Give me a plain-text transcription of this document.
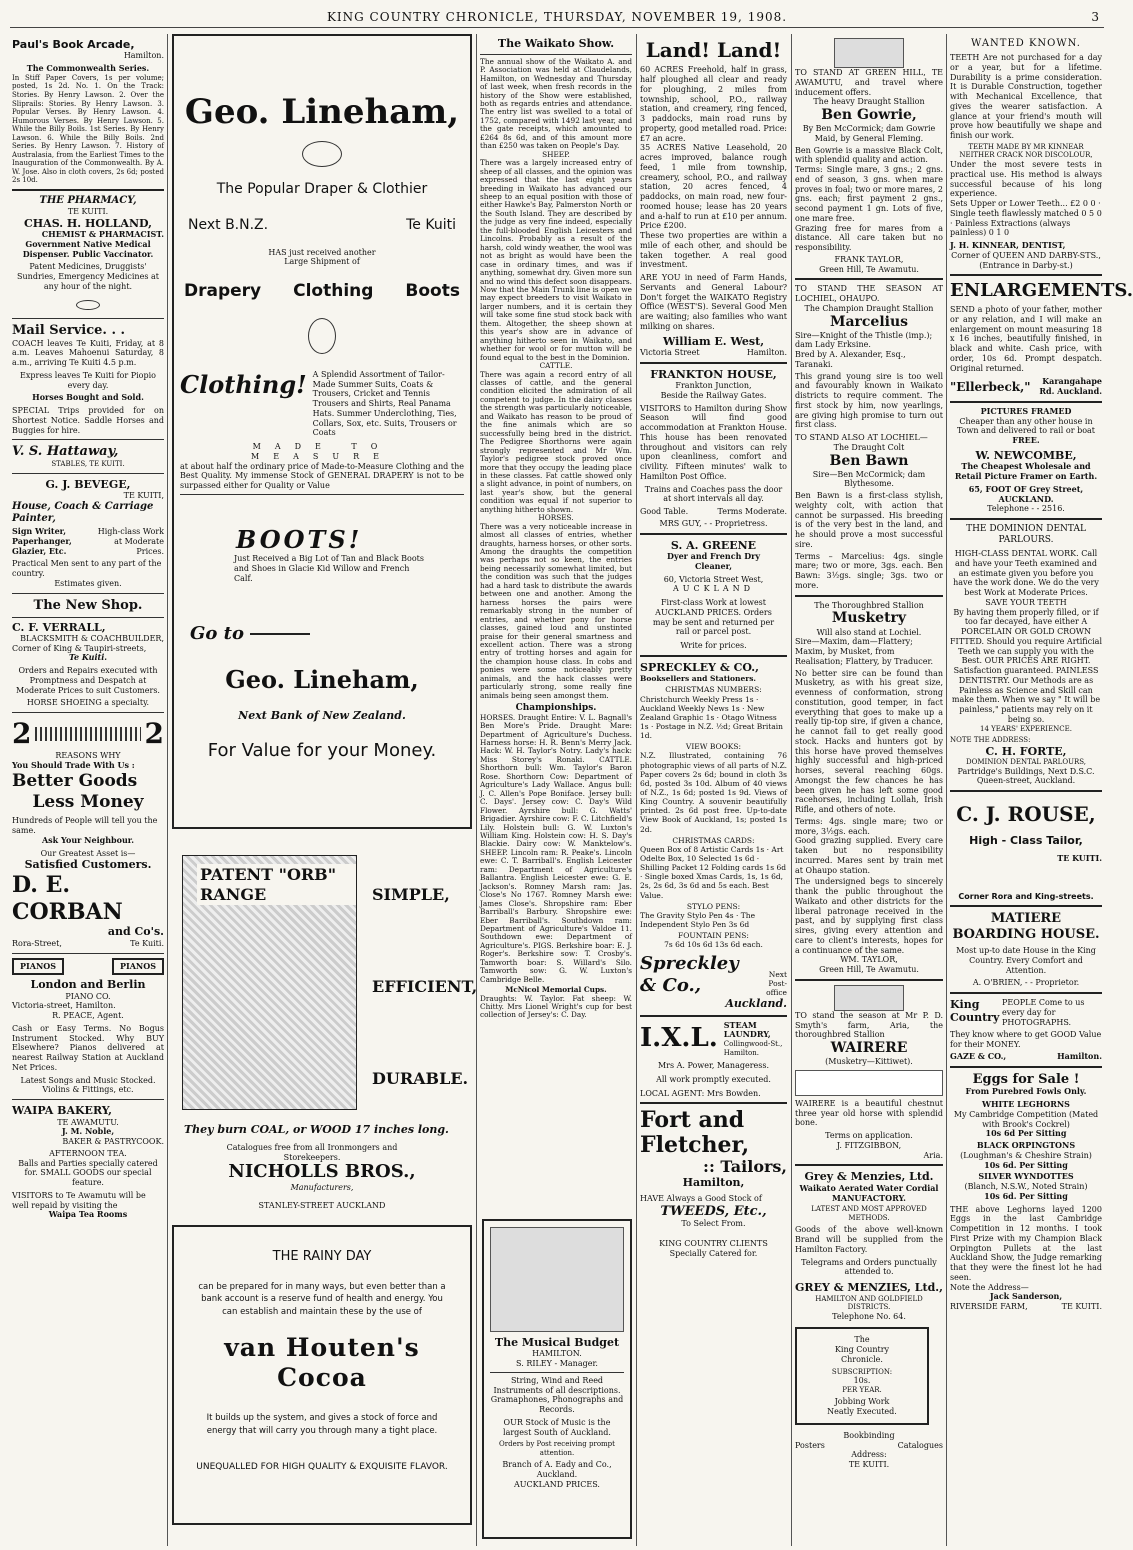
KING COUNTRY CHRONICLE, THURSDAY, NOVEMBER 19, 1908.	3
Paul's Book Arcade,
Hamilton.
The Commonwealth Series.
In Stiff Paper Covers, 1s per volume; posted, 1s 2d. No. 1. On the Track: Stories. By Henry Lawson. 2. Over the Sliprails: Stories. By Henry Lawson. 3. Popular Verses. By Henry Lawson. 4. Humorous Verses. By Henry Lawson. 5. While the Billy Boils. 1st Series. By Henry Lawson. 6. While the Billy Boils. 2nd Series. By Henry Lawson. 7. History of Australasia, from the Earliest Times to the Inauguration of the Commonwealth. By A. W. Jose. Also in cloth covers, 2s 6d; posted 2s 10d.
THE PHARMACY,
TE KUITI.
CHAS. H. HOLLAND,
CHEMIST & PHARMACIST.
Government Native Medical Dispenser. Public Vaccinator.
Patent Medicines, Druggists' Sundries, Emergency Medicines at any hour of the night.
Mail Service. . .
COACH leaves Te Kuiti, Friday, at 8 a.m. Leaves Mahoenui Saturday, 8 a.m., arriving Te Kuiti 4.5 p.m.
Express leaves Te Kuiti for Piopio every day.
Horses Bought and Sold.
SPECIAL Trips provided for on Shortest Notice. Saddle Horses and Buggies for hire.
V. S. Hattaway,
STABLES, TE KUITI.
G. J. BEVEGE,
TE KUITI,
House, Coach & Carriage Painter,
Sign Writer, Paperhanger, Glazier, Etc.
High-class Work at Moderate Prices.
Practical Men sent to any part of the country.
Estimates given.
The New Shop.
C. F. VERRALL,
BLACKSMITH & COACHBUILDER,
Corner of King & Taupiri-streets,
Te Kuiti.
Orders and Repairs executed with Promptness and Despatch at Moderate Prices to suit Customers.
HORSE SHOEING a specialty.
2	2
REASONS WHY
You Should Trade With Us :
Better Goods
Less Money
Hundreds of People will tell you the same.
Ask Your Neighbour.
Our Greatest Asset is—
Satisfied Customers.
D. E. CORBAN
and Co's.
Rora-Street,	Te Kuiti.
PIANOS	PIANOS
London and Berlin
PIANO CO.
Victoria-street, Hamilton.
R. PEACE, Agent.
Cash or Easy Terms. No Bogus Instrument Stocked. Why BUY Elsewhere? Pianos delivered at nearest Railway Station at Auckland Net Prices.
Latest Songs and Music Stocked. Violins & Fittings, etc.
WAIPA BAKERY,
TE AWAMUTU.
J. M. Noble,
BAKER & PASTRYCOOK.
AFTERNOON TEA.
Balls and Parties specially catered for. SMALL GOODS our special feature.
VISITORS to Te Awamutu will be well repaid by visiting the
Waipa Tea Rooms
Geo. Lineham,
The Popular Draper & Clothier
Next B.N.Z.	Te Kuiti
HAS just received another Large Shipment of
Drapery Clothing Boots
Clothing! A Splendid Assortment of Tailor-Made Summer Suits, Coats & Trousers, Cricket and Tennis Trousers and Shirts, Real Panama Hats. Summer Underclothing, Ties, Collars, Sox, etc. Suits, Trousers or Coats
MADE TO MEASURE
at about half the ordinary price of Made-to-Measure Clothing and the Best Quality. My immense Stock of GENERAL DRAPERY is not to be surpassed either for Quality or Value
BOOTS!
Just Received a Big Lot of Tan and Black Boots and Shoes in Glacie Kid Willow and French Calf.
Go to
Geo. Lineham,
Next Bank of New Zealand.
For Value for your Money.
PATENT "ORB" RANGE	SIMPLE,
EFFICIENT,
DURABLE.
They burn COAL, or WOOD 17 inches long.
Catalogues free from all Ironmongers and Storekeepers.
NICHOLLS BROS.,
Manufacturers,
STANLEY-STREET AUCKLAND
THE RAINY DAY
can be prepared for in many ways, but even better than a bank account is a reserve fund of health and energy. You can establish and maintain these by the use of
van Houten's Cocoa
It builds up the system, and gives a stock of force and energy that will carry you through many a tight place.
UNEQUALLED FOR HIGH QUALITY & EXQUISITE FLAVOR.
The Waikato Show.
The annual show of the Waikato A. and P. Association was held at Claudelands, Hamilton, on Wednesday and Thursday of last week, when fresh records in the history of the Show were established, both as regards entries and attendance. The entry list was swelled to a total of 1752, compared with 1492 last year, and the gate receipts, which amounted to £264 8s 6d, and of this amount more than £250 was taken on People's Day.
SHEEP.
There was a largely increased entry of sheep of all classes, and the opinion was expressed that the last eight years breeding in Waikato has advanced our sheep to an equal position with those of either Hawke's Bay, Palmerston North or the South Island. They are described by the judge as very fine indeed, especially the full-blooded English Leicesters and Lincolns. Probably as a result of the harsh, cold windy weather, the wool was not as bright as would have been the case in ordinary times, and was if anything, somewhat dry. Given more sun and no wind this defect soon disappears. Now that the Main Trunk line is open we may expect breeders to visit Waikato in larger numbers, and it is certain they will take some fine stud stock back with them. Altogether, the sheep shown at this year's show are in advance of anything hitherto seen in Waikato, and whether for wool or for mutton will be found equal to the best in the Dominion.
CATTLE.
There was again a record entry of all classes of cattle, and the general condition elicited the admiration of all competent to judge. In the dairy classes the strength was particularly noticeable, and Waikato has reason to be proud of the fine animals which are so successfully being bred in the district. The Pedigree Shorthorns were again strongly represented and Mr Wm. Taylor's pedigree stock proved once more that they occupy the leading place in these classes. Fat cattle showed only a slight advance, in point of numbers, on last year's show, but the general condition was equal if not superior to anything hitherto shown.
HORSES.
There was a very noticeable increase in almost all classes of entries, whether draughts, harness horses, or other sorts. Among the draughts the competition was perhaps not so keen, the entries being necessarily somewhat limited, but the condition was such that the judges had a hard task to distribute the awards between one and another. Among the harness horses the pairs were remarkably strong in the number of entries, and whether pony for horse classes, gained loud and unstinted praise for their general smartness and excellent action. There was a strong entry of trotting horses and again for the champion house class. In cobs and ponies were some noticeably pretty animals, and the hack classes were particularly strong, some really fine animals being seen amongst them.
Championships.
HORSES. Draught Entire: V. L. Bagnall's Ben More's Pride. Draught Mare: Department of Agriculture's Duchess. Harness horse: H. R. Benn's Merry Jack. Hack: W. H. Taylor's Notry. Lady's hack: Miss Storey's Ronaki. CATTLE. Shorthorn bull: Wm. Taylor's Baron Rose. Shorthorn Cow: Department of Agriculture's Lady Wallace. Angus bull: J. C. Allen's Pope Boniface. Jersey bull: C. Days'. Jersey cow: C. Day's Wild Flower. Ayrshire bull: G. Watts' Brigadier. Ayrshire cow: F. C. Litchfield's Lily. Holstein bull: G. W. Luxton's William King. Holstein cow: H. S. Day's Blackie. Dairy cow: W. Manktelow's. SHEEP. Lincoln ram: R. Peake's. Lincoln ewe: C. T. Barriball's. English Leicester ram: Department of Agriculture's Ballantra. English Leicester ewe: G. E. Jackson's. Romney Marsh ram: Jas. Close's No 1767. Romney Marsh ewe: James Close's. Shropshire ram: Eber Barriball's Barbury. Shropshire ewe: Eber Barriball's. Southdown ram: Department of Agriculture's Valdoe 11. Southdown ewe: Department of Agriculture's. PIGS. Berkshire boar: E. J. Roger's. Berkshire sow: T. Crosby's. Tamworth boar: S. Willard's Silo. Tamworth sow: G. W. Luxton's Cambridge Belle.
McNicol Memorial Cups.
Draughts: W. Taylor. Fat sheep: W. Chitty. Mrs Lionel Wright's cup for best collection of Jersey's: C. Day.
The Musical Budget
HAMILTON.
S. RILEY - Manager.
String, Wind and Reed Instruments of all descriptions. Gramaphones, Phonographs and Records.
OUR Stock of Music is the largest South of Auckland.
Orders by Post receiving prompt attention.
Branch of A. Eady and Co., Auckland.
AUCKLAND PRICES.
Land! Land!
60 ACRES Freehold, half in grass, half ploughed all clear and ready for ploughing, 2 miles from township, school, P.O., railway station, and creamery, ring fenced, 3 paddocks, main road runs by property, good metalled road. Price: £7 an acre.
35 ACRES Native Leasehold, 20 acres improved, balance rough feed, 1 mile from township, creamery, school, P.O., and railway station, 20 acres fenced, 4 paddocks, on main road, new four-roomed house; lease has 20 years and a-half to run at £10 per annum. Price £200.
These two properties are within a mile of each other, and should be taken together. A real good investment.
ARE YOU in need of Farm Hands, Servants and General Labour? Don't forget the WAIKATO Registry Office (WEST'S). Several Good Men are waiting; also families who want milking on shares.
William E. West,
Victoria Street	Hamilton.
FRANKTON HOUSE,
Frankton Junction,
Beside the Railway Gates.
VISITORS to Hamilton during Show Season will find good accommodation at Frankton House. This house has been renovated throughout and visitors can rely upon cleanliness, comfort and civility. Fifteen minutes' walk to Hamilton Post Office.
Trains and Coaches pass the door at short intervals all day.
Good Table.	Terms Moderate.
MRS GUY, - - Proprietress.
S. A. GREENE
Dyer and French Dry Cleaner,
60, Victoria Street West,
AUCKLAND
First-class Work at lowest AUCKLAND PRICES. Orders may be sent and returned per rail or parcel post.
Write for prices.
SPRECKLEY & CO.,
Booksellers and Stationers.
CHRISTMAS NUMBERS:
Christchurch Weekly Press 1s · Auckland Weekly News 1s · New Zealand Graphic 1s · Otago Witness 1s · Postage in N.Z. ½d; Great Britain 1d.
VIEW BOOKS:
N.Z. Illustrated, containing 76 photographic views of all parts of N.Z. Paper covers 2s 6d; bound in cloth 3s 6d, posted 3s 10d. Album of 40 views of N.Z., 1s 6d; posted 1s 9d. Views of King Country. A souvenir beautifully printed. 2s 6d post free. Up-to-date View Book of Auckland, 1s; posted 1s 2d.
CHRISTMAS CARDS:
Queen Box of 8 Artistic Cards 1s · Art Odelte Box, 10 Selected 1s 6d · Shilling Packet 12 Folding cards 1s 6d · Single boxed Xmas Cards, 1s, 1s 6d, 2s, 2s 6d, 3s 6d and 5s each. Best Value.
STYLO PENS:
The Gravity Stylo Pen 4s · The Independent Stylo Pen 3s 6d
FOUNTAIN PENS:
7s 6d 10s 6d 13s 6d each.
Spreckley & Co.,
Next Post-office
Auckland.
I.X.L. STEAM LAUNDRY,
Collingwood-St., Hamilton.
Mrs A. Power, Manageress.
All work promptly executed.
LOCAL AGENT: Mrs Bowden.
Fort and Fletcher,
:: Tailors,
Hamilton,
HAVE Always a Good Stock of
TWEEDS, Etc.,
To Select From.
KING COUNTRY CLIENTS
Specially Catered for.
TO STAND AT GREEN HILL, TE AWAMUTU, and travel where inducement offers.
The heavy Draught Stallion
Ben Gowrie,
By Ben McCormick; dam Gowrie Maid, by General Fleming.
Ben Gowrie is a massive Black Colt, with splendid quality and action.
Terms: Single mare, 3 gns.; 2 gns. end of season, 3 gns. when mare proves in foal; two or more mares, 2 gns. each; first payment 2 gns., second payment 1 gn. Lots of five, one mare free.
Grazing free for mares from a distance. All care taken but no responsibility.
FRANK TAYLOR,
Green Hill, Te Awamutu.
TO STAND THE SEASON AT LOCHIEL, OHAUPO.
The Champion Draught Stallion
Marcelius
Sire—Knight of the Thistle (imp.); dam Lady Erksine.
Bred by A. Alexander, Esq., Taranaki.
This grand young sire is too well and favourably known in Waikato districts to require comment. The first stock by him, now yearlings, are giving high promise to turn out first class.
TO STAND ALSO AT LOCHIEL—
The Draught Colt
Ben Bawn
Sire—Ben McCormick; dam Blythesome.
Ben Bawn is a first-class stylish, weighty colt, with action that cannot be surpassed. His breeding is of the very best in the land, and he should prove a most successful sire.
Terms – Marcelius: 4gs. single mare; two or more, 3gs. each. Ben Bawn: 3½gs. single; 3gs. two or more.
The Thoroughbred Stallion
Musketry
Will also stand at Lochiel.
Sire—Maxim, dam—Flattery; Maxim, by Musket, from Realisation; Flattery, by Traducer.
No better sire can be found than Musketry, as with his great size, evenness of conformation, strong constitution, good temper, in fact everything that goes to make up a really tip-top sire, if given a chance, he cannot fail to get really good stock. Hacks and hunters got by this horse have proved themselves highly successful and high-priced horses, several reaching 60gs. Amongst the few chances he has been given he has left some good racehorses, including Lollah, Irish Rifle, and others of note.
Terms: 4gs. single mare; two or more, 3½gs. each.
Good grazing supplied. Every care taken but no responsibility incurred. Mares sent by train met at Ohaupo station.
The undersigned begs to sincerely thank the public throughout the Waikato and other districts for the liberal patronage received in the past, and by supplying first class sires, giving every attention and care to client's interests, hopes for a continuance of the same.
WM. TAYLOR,
Green Hill, Te Awamutu.
TO stand the season at Mr P. D. Smyth's farm, Aria, the thoroughbred Stallion
WAIRERE
(Musketry—Kittiwet).
WAIRERE is a beautiful chestnut three year old horse with splendid bone.
Terms on application.
J. FITZGIBBON,
Aria.
Grey & Menzies, Ltd.
Waikato Aerated Water Cordial MANUFACTORY.
LATEST AND MOST APPROVED METHODS.
Goods of the above well-known Brand will be supplied from the Hamilton Factory.
Telegrams and Orders punctually attended to.
GREY & MENZIES, Ltd.,
HAMILTON AND GOLDFIELD DISTRICTS.
Telephone No. 64.
The
King Country
Chronicle.
SUBSCRIPTION:
10s.
PER YEAR.
Jobbing Work
Neatly Executed.
Bookbinding
Posters	Catalogues
Address:
TE KUITI.
WANTED KNOWN.
TEETH Are not purchased for a day or a year, but for a lifetime. Durability is a prime consideration. It is Durable Construction, together with Mechanical Excellence, that gives the wearer satisfaction. A glance at your friend's mouth will prove how beautifully we shape and finish our work.
TEETH MADE BY MR KINNEAR NEITHER CRACK NOR DISCOLOUR,
Under the most severe tests in practical use. His method is always successful because of his long experience.
Sets Upper or Lower Teeth... £2 0 0 · Single teeth flawlessly matched 0 5 0 · Painless Extractions (always painless) 0 1 0
J. H. KINNEAR, DENTIST,
Corner of QUEEN AND DARBY-STS.,
(Entrance in Darby-st.)
ENLARGEMENTS.
SEND a photo of your father, mother or any relation, and I will make an enlargement on mount measuring 18 x 16 inches, beautifully finished, in black and white. Cash price, with order, 10s 6d. Prompt despatch. Original returned.
"Ellerbeck,"	Karangahape Rd. Auckland.
PICTURES FRAMED
Cheaper than any other house in Town and delivered to rail or boat
FREE.
W. NEWCOMBE,
The Cheapest Wholesale and Retail Picture Framer on Earth.
65, FOOT OF Grey Street, AUCKLAND.
Telephone - - 2516.
THE DOMINION DENTAL PARLOURS.
HIGH-CLASS DENTAL WORK. Call and have your Teeth examined and an estimate given you before you have the work done. We do the very best Work at Moderate Prices.
SAVE YOUR TEETH
By having them properly filled, or if too far decayed, have either A PORCELAIN OR GOLD CROWN FITTED. Should you require Artificial Teeth we can supply you with the Best. OUR PRICES ARE RIGHT. Satisfaction guaranteed. PAINLESS DENTISTRY. Our Methods are as Painless as Science and Skill can make them. When we say " It will be painless," patients may rely on it being so.
14 YEARS' EXPERIENCE.
NOTE THE ADDRESS:
C. H. FORTE,
DOMINION DENTAL PARLOURS,
Partridge's Buildings, Next D.S.C. Queen-street, Auckland.
C. J. ROUSE,
High - Class Tailor,
TE KUITI.
Corner Rora and King-streets.
MATIERE
BOARDING HOUSE.
Most up-to date House in the King Country. Every Comfort and Attention.
A. O'BRIEN, - - Proprietor.
King Country
PEOPLE Come to us every day for PHOTOGRAPHS.
They know where to get GOOD Value for their MONEY.
GAZE & CO.,	Hamilton.
Eggs for Sale !
From Purebred Fowls Only.
WHITE LEGHORNS
My Cambridge Competition (Mated with Brook's Cockrel)
10s 6d Per Sitting
BLACK ORPINGTONS
(Loughman's & Cheshire Strain)
10s 6d. Per Sitting
SILVER WYNDOTTES
(Blanch, N.S.W., Noted Strain)
10s 6d. Per Sitting
THE above Leghorns layed 1200 Eggs in the last Cambridge Competition in 12 months. I took First Prize with my Champion Black Orpington Pullets at the last Auckland Show, the Judge remarking that they were the finest lot he had seen.
Note the Address—
Jack Sanderson,
RIVERSIDE FARM,	TE KUITI.
